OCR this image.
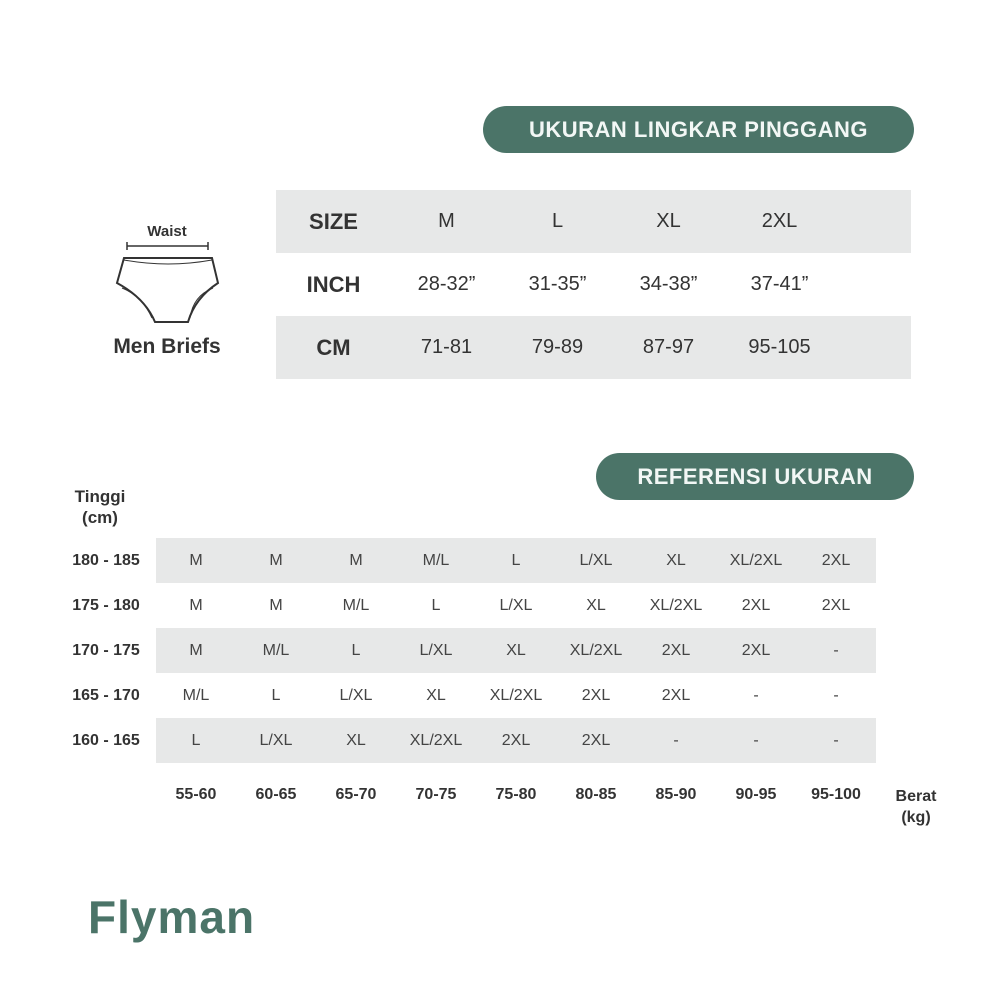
UKURAN LINGKAR PINGGANG
Waist
Men Briefs
SIZE	M	L	XL	2XL
INCH	28-32”	31-35”	34-38”	37-41”
CM	71-81	79-89	87-97	95-105
REFERENSI UKURAN
Tinggi
(cm)
180 - 185	M	M	M	M/L	L	L/XL	XL	XL/2XL	2XL
175 - 180	M	M	M/L	L	L/XL	XL	XL/2XL	2XL	2XL
170 - 175	M	M/L	L	L/XL	XL	XL/2XL	2XL	2XL	-
165 - 170	M/L	L	L/XL	XL	XL/2XL	2XL	2XL	-	-
160 - 165	L	L/XL	XL	XL/2XL	2XL	2XL	-	-	-
55-60	60-65	65-70	70-75	75-80	80-85	85-90	90-95	95-100	Berat
(kg)
Flyman
